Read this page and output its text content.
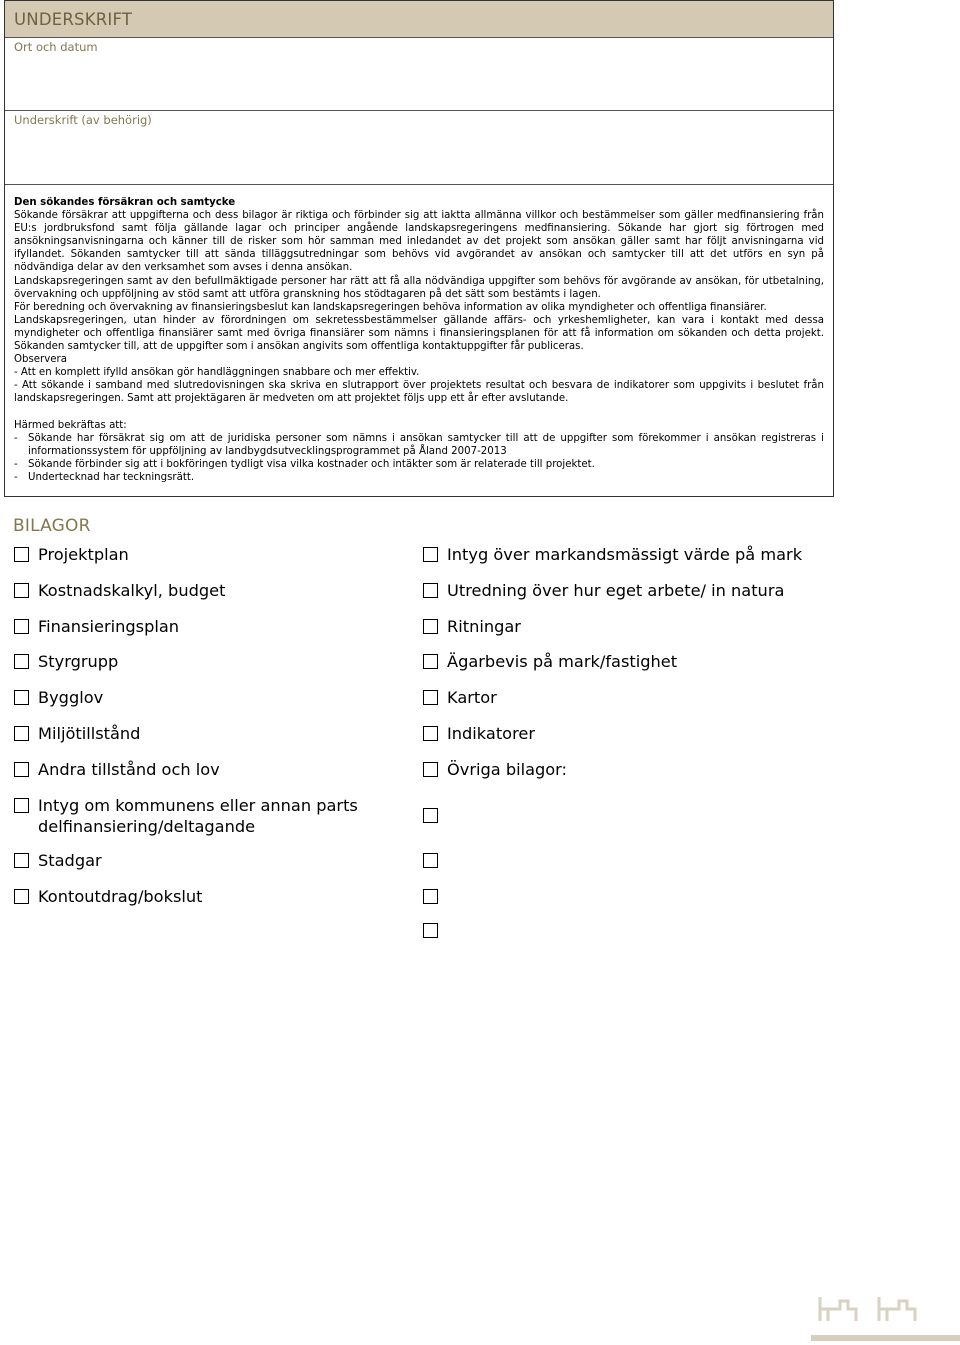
UNDERSKRIFT
Ort och datum
Underskrift (av behörig)

Den sökandes försäkran och samtycke

Sökande försäkrar att uppgifterna och dess bilagor är riktiga och förbinder sig att iaktta allmänna villkor och bestämmelser som gäller medfinansiering från EU:s jordbruksfond samt följa gällande lagar och principer angående landskapsregeringens medfinansiering. Sökande har gjort sig förtrogen med ansökningsanvisningarna och känner till de risker som hör samman med inledandet av det projekt som ansökan gäller samt har följt anvisningarna vid ifyllandet. Sökanden samtycker till att sända tilläggsutredningar som behövs vid avgörandet av ansökan och samtycker till att det utförs en syn på nödvändiga delar av den verksamhet som avses i denna ansökan.

Landskapsregeringen samt av den befullmäktigade personer har rätt att få alla nödvändiga uppgifter som behövs för avgörande av ansökan, för utbetalning, övervakning och uppföljning av stöd samt att utföra granskning hos stödtagaren på det sätt som bestämts i lagen.

För beredning och övervakning av finansieringsbeslut kan landskapsregeringen behöva information av olika myndigheter och offentliga finansiärer.

Landskapsregeringen, utan hinder av förordningen om sekretessbestämmelser gällande affärs- och yrkeshemligheter, kan vara i kontakt med dessa myndigheter och offentliga finansiärer samt med övriga finansiärer som nämns i finansieringsplanen för att få information om sökanden och detta projekt. Sökanden samtycker till, att de uppgifter som i ansökan angivits som offentliga kontaktuppgifter får publiceras.

Observera

- Att en komplett ifylld ansökan gör handläggningen snabbare och mer effektiv.

- Att sökande i samband med slutredovisningen ska skriva en slutrapport över projektets resultat och besvara de indikatorer som uppgivits i beslutet från landskapsregeringen. Samt att projektägaren är medveten om att projektet följs upp ett år efter avslutande.

Härmed bekräftas att:

-	Sökande har försäkrat sig om att de juridiska personer som nämns i ansökan samtycker till att de uppgifter som förekommer i ansökan registreras i informationssystem för uppföljning av landbygdsutvecklingsprogrammet på Åland 2007-2013
-	Sökande förbinder sig att i bokföringen tydligt visa vilka kostnader och intäkter som är relaterade till projektet.
-	Undertecknad har teckningsrätt.
BILAGOR
Projektplan
Kostnadskalkyl, budget
Finansieringsplan
Styrgrupp
Bygglov
Miljötillstånd
Andra tillstånd och lov
Intyg om kommunens eller annan parts delfinansiering/deltagande
Stadgar
Kontoutdrag/bokslut
Intyg över markandsmässigt värde på mark
Utredning över hur eget arbete/ in natura
Ritningar
Ägarbevis på mark/fastighet
Kartor
Indikatorer
Övriga bilagor:
